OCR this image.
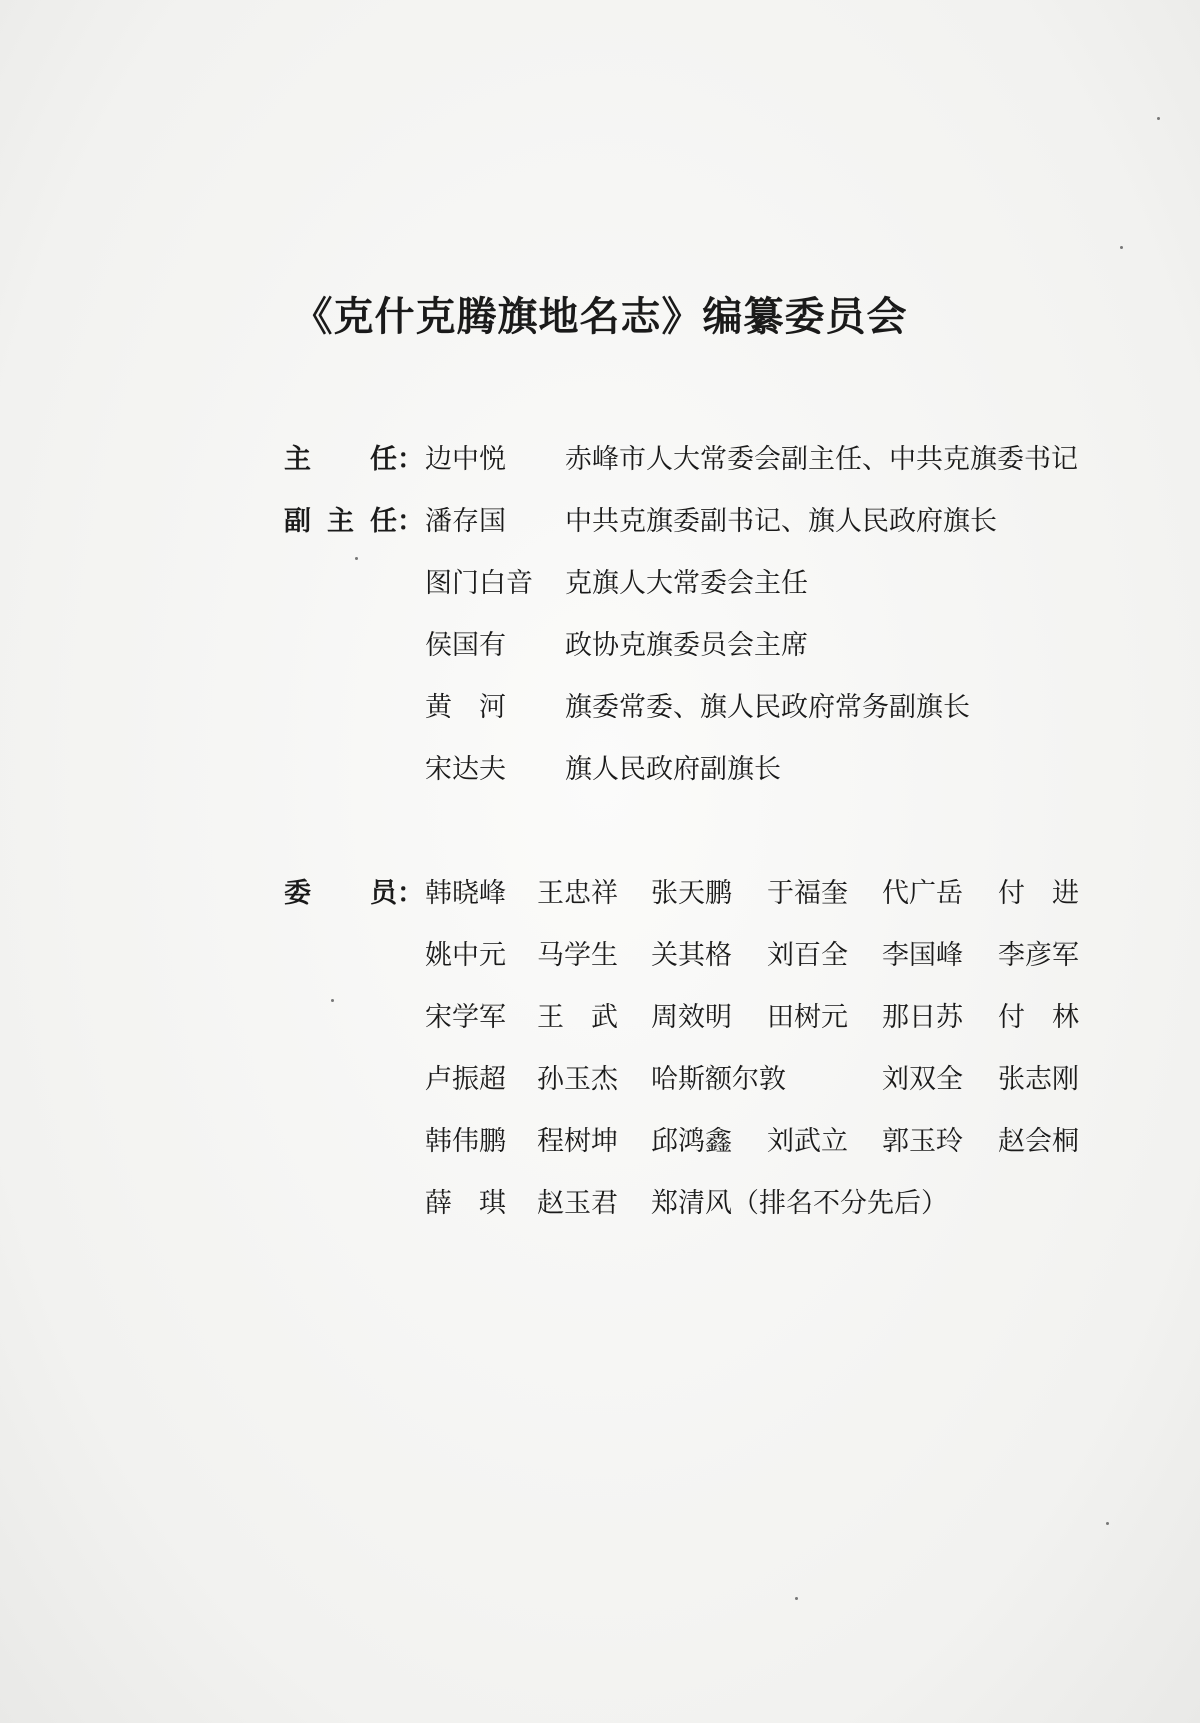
《克什克腾旗地名志》编纂委员会
主 任： 边中悦 赤峰市人大常委会副主任、中共克旗委书记
副 主 任： 潘存国 中共克旗委副书记、旗人民政府旗长
图门白音 克旗人大常委会主任
侯国有 政协克旗委员会主席
黄　河 旗委常委、旗人民政府常务副旗长
宋达夫 旗人民政府副旗长
委 员： 韩晓峰 王忠祥 张天鹏 于福奎 代广岳 付　进
姚中元 马学生 关其格 刘百全 李国峰 李彦军
宋学军 王　武 周效明 田树元 那日苏 付　林
卢振超 孙玉杰 哈斯额尔敦	刘双全 张志刚
韩伟鹏 程树坤 邱鸿鑫 刘武立 郭玉玲 赵会桐
薛　琪 赵玉君 郑清风（排名不分先后）
